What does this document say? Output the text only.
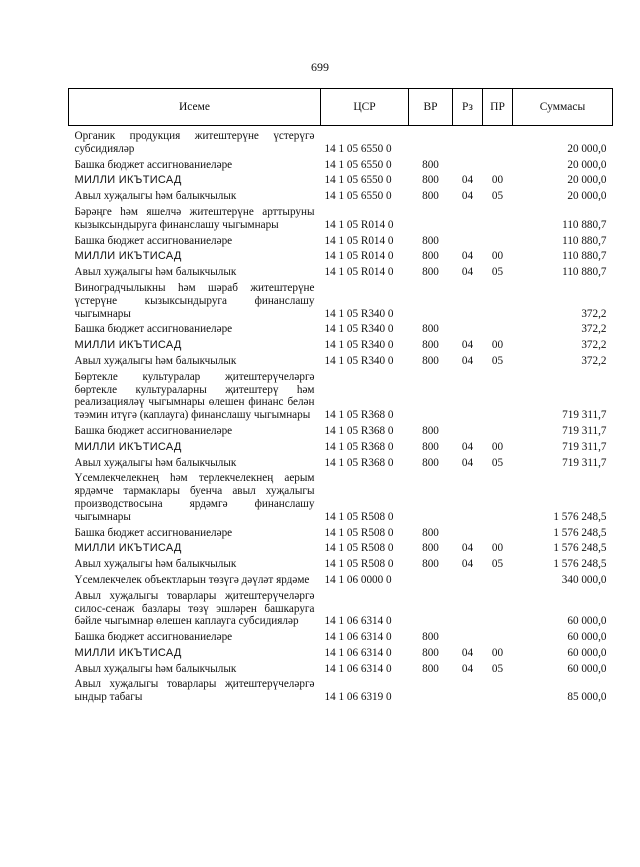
699
Исеме	ЦСР	ВР	Рз	ПР	Суммасы
Органик продукция житештерүне үстерүгә субсидияләр	14 1 05 6550 0				20 000,0
Башка бюджет ассигнованиеләре	14 1 05 6550 0	800			20 000,0
МИЛЛИ ИКЪТИСАД	14 1 05 6550 0	800	04	00	20 000,0
Авыл хуҗалыгы һәм балыкчылык	14 1 05 6550 0	800	04	05	20 000,0
Бәрәңге һәм яшелчә житештерүне арттыруны кызыксындыруга финанслашу чыгымнары	14 1 05 R014 0				110 880,7
Башка бюджет ассигнованиеләре	14 1 05 R014 0	800			110 880,7
МИЛЛИ ИКЪТИСАД	14 1 05 R014 0	800	04	00	110 880,7
Авыл хуҗалыгы һәм балыкчылык	14 1 05 R014 0	800	04	05	110 880,7
Виноградчылыкны һәм шәраб житештерүне үстерүне кызыксындыруга финанслашу чыгымнары	14 1 05 R340 0				372,2
Башка бюджет ассигнованиеләре	14 1 05 R340 0	800			372,2
МИЛЛИ ИКЪТИСАД	14 1 05 R340 0	800	04	00	372,2
Авыл хуҗалыгы һәм балыкчылык	14 1 05 R340 0	800	04	05	372,2
Бөртекле культуралар җитештерүчеләргә бөртекле культураларны җитештерү һәм реализацияләү чыгымнары өлешен финанс белән тәэмин итүгә (каплауга) финанслашу чыгымнары	14 1 05 R368 0				719 311,7
Башка бюджет ассигнованиеләре	14 1 05 R368 0	800			719 311,7
МИЛЛИ ИКЪТИСАД	14 1 05 R368 0	800	04	00	719 311,7
Авыл хуҗалыгы һәм балыкчылык	14 1 05 R368 0	800	04	05	719 311,7
Үсемлекчелекнең һәм терлекчелекнең аерым ярдәмче тармаклары буенча авыл хуҗалыгы производствосына ярдәмгә финанслашу чыгымнары	14 1 05 R508 0				1 576 248,5
Башка бюджет ассигнованиеләре	14 1 05 R508 0	800			1 576 248,5
МИЛЛИ ИКЪТИСАД	14 1 05 R508 0	800	04	00	1 576 248,5
Авыл хуҗалыгы һәм балыкчылык	14 1 05 R508 0	800	04	05	1 576 248,5
Үсемлекчелек объектларын төзүгә дәүләт ярдәме	14 1 06 0000 0				340 000,0
Авыл хуҗалыгы товарлары җитештерүчеләргә силос-сенаж базлары төзү эшләрен башкаруга бәйле чыгымнар өлешен каплауга субсидияләр	14 1 06 6314 0				60 000,0
Башка бюджет ассигнованиеләре	14 1 06 6314 0	800			60 000,0
МИЛЛИ ИКЪТИСАД	14 1 06 6314 0	800	04	00	60 000,0
Авыл хуҗалыгы һәм балыкчылык	14 1 06 6314 0	800	04	05	60 000,0
Авыл хуҗалыгы товарлары җитештерүчеләргә ындыр табагы	14 1 06 6319 0				85 000,0
